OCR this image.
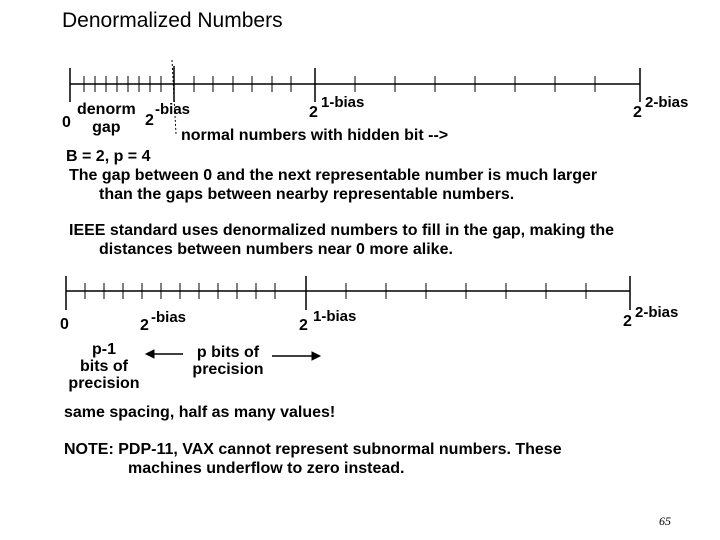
Denormalized Numbers
0
denorm
gap	2
-bias	2
1-bias
2
2-bias
normal numbers with hidden bit -->
B = 2, p = 4
The gap between 0 and the next representable number is much larger
than the gaps between nearby representable numbers.
IEEE standard uses denormalized numbers to fill in the gap, making the
distances between numbers near 0 more alike.
0	2 -bias	2
1-bias	2
2-bias
p-1
bits of
precision
p bits of
precision
same spacing, half as many values!
NOTE: PDP-11, VAX cannot represent subnormal numbers. These
machines underflow to zero instead.
65
